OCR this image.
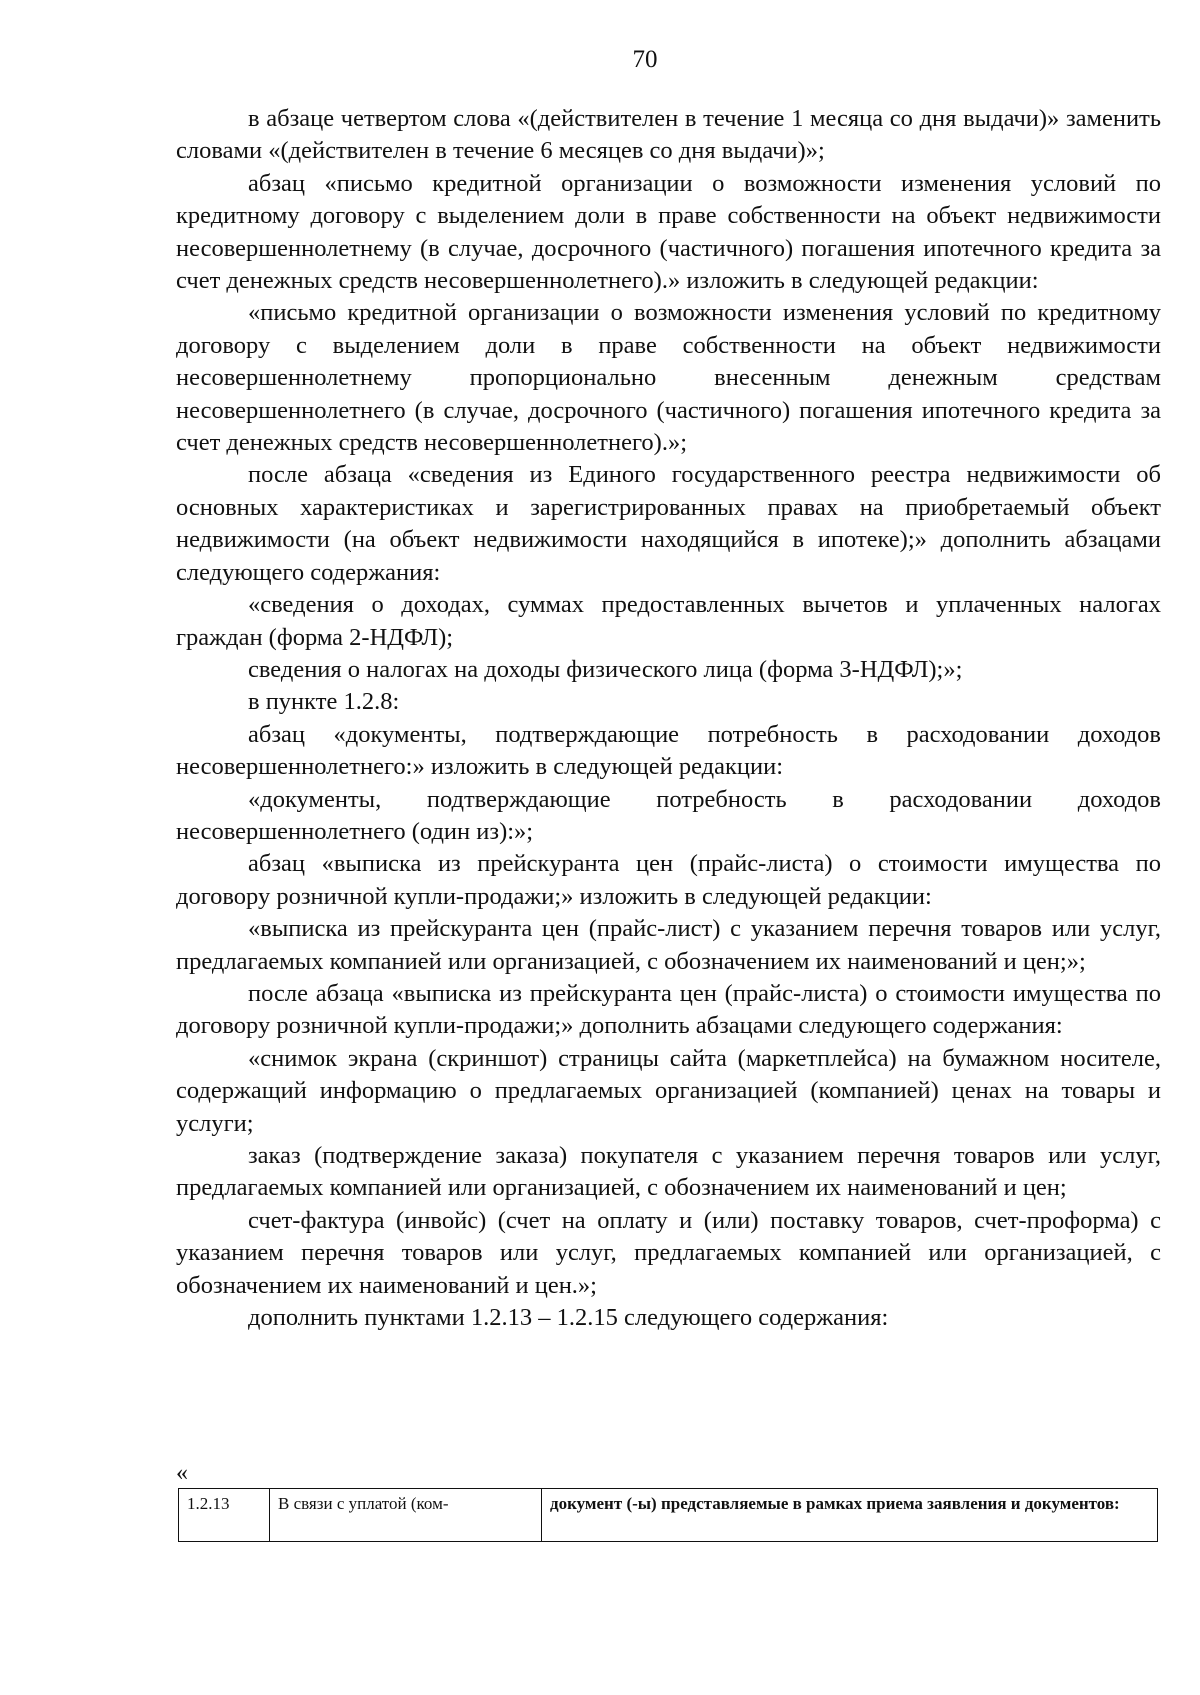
70

в абзаце четвертом слова «(действителен в течение 1 месяца со дня выдачи)» заменить словами «(действителен в течение 6 месяцев со дня выдачи)»;

абзац «письмо кредитной организации о возможности изменения условий по кредитному договору с выделением доли в праве собственности на объект недвижимости несовершеннолетнему (в случае, досрочного (частичного) погашения ипотечного кредита за счет денежных средств несовершеннолетнего).» изложить в следующей редакции:

«письмо кредитной организации о возможности изменения условий по кредитному договору с выделением доли в праве собственности на объект недвижимости несовершеннолетнему пропорционально внесенным денежным средствам несовершеннолетнего (в случае, досрочного (частичного) погашения ипотечного кредита за счет денежных средств несовершеннолетнего).»;

после абзаца «сведения из Единого государственного реестра недвижимости об основных характеристиках и зарегистрированных правах на приобретаемый объект недвижимости (на объект недвижимости находящийся в ипотеке);» дополнить абзацами следующего содержания:

«сведения о доходах, суммах предоставленных вычетов и уплаченных налогах граждан (форма 2-НДФЛ);

сведения о налогах на доходы физического лица (форма 3-НДФЛ);»;

в пункте 1.2.8:

абзац «документы, подтверждающие потребность в расходовании доходов несовершеннолетнего:» изложить в следующей редакции:

«документы, подтверждающие потребность в расходовании доходов несовершеннолетнего (один из):»;

абзац «выписка из прейскуранта цен (прайс-листа) о стоимости имущества по договору розничной купли-продажи;» изложить в следующей редакции:

«выписка из прейскуранта цен (прайс-лист) с указанием перечня товаров или услуг, предлагаемых компанией или организацией, с обозначением их наименований и цен;»;

после абзаца «выписка из прейскуранта цен (прайс-листа) о стоимости имущества по договору розничной купли-продажи;» дополнить абзацами следующего содержания:

«снимок экрана (скриншот) страницы сайта (маркетплейса) на бумажном носителе, содержащий информацию о предлагаемых организацией (компанией) ценах на товары и услуги;

заказ (подтверждение заказа) покупателя с указанием перечня товаров или услуг, предлагаемых компанией или организацией, с обозначением их наименований и цен;

счет-фактура (инвойс) (счет на оплату и (или) поставку товаров, счет-проформа) с указанием перечня товаров или услуг, предлагаемых компанией или организацией, с обозначением их наименований и цен.»;

дополнить пунктами 1.2.13 – 1.2.15 следующего содержания:

«
1.2.13	В связи с уплатой (ком-	документ (-ы) представляемые в рамках приема заявления и документов:
